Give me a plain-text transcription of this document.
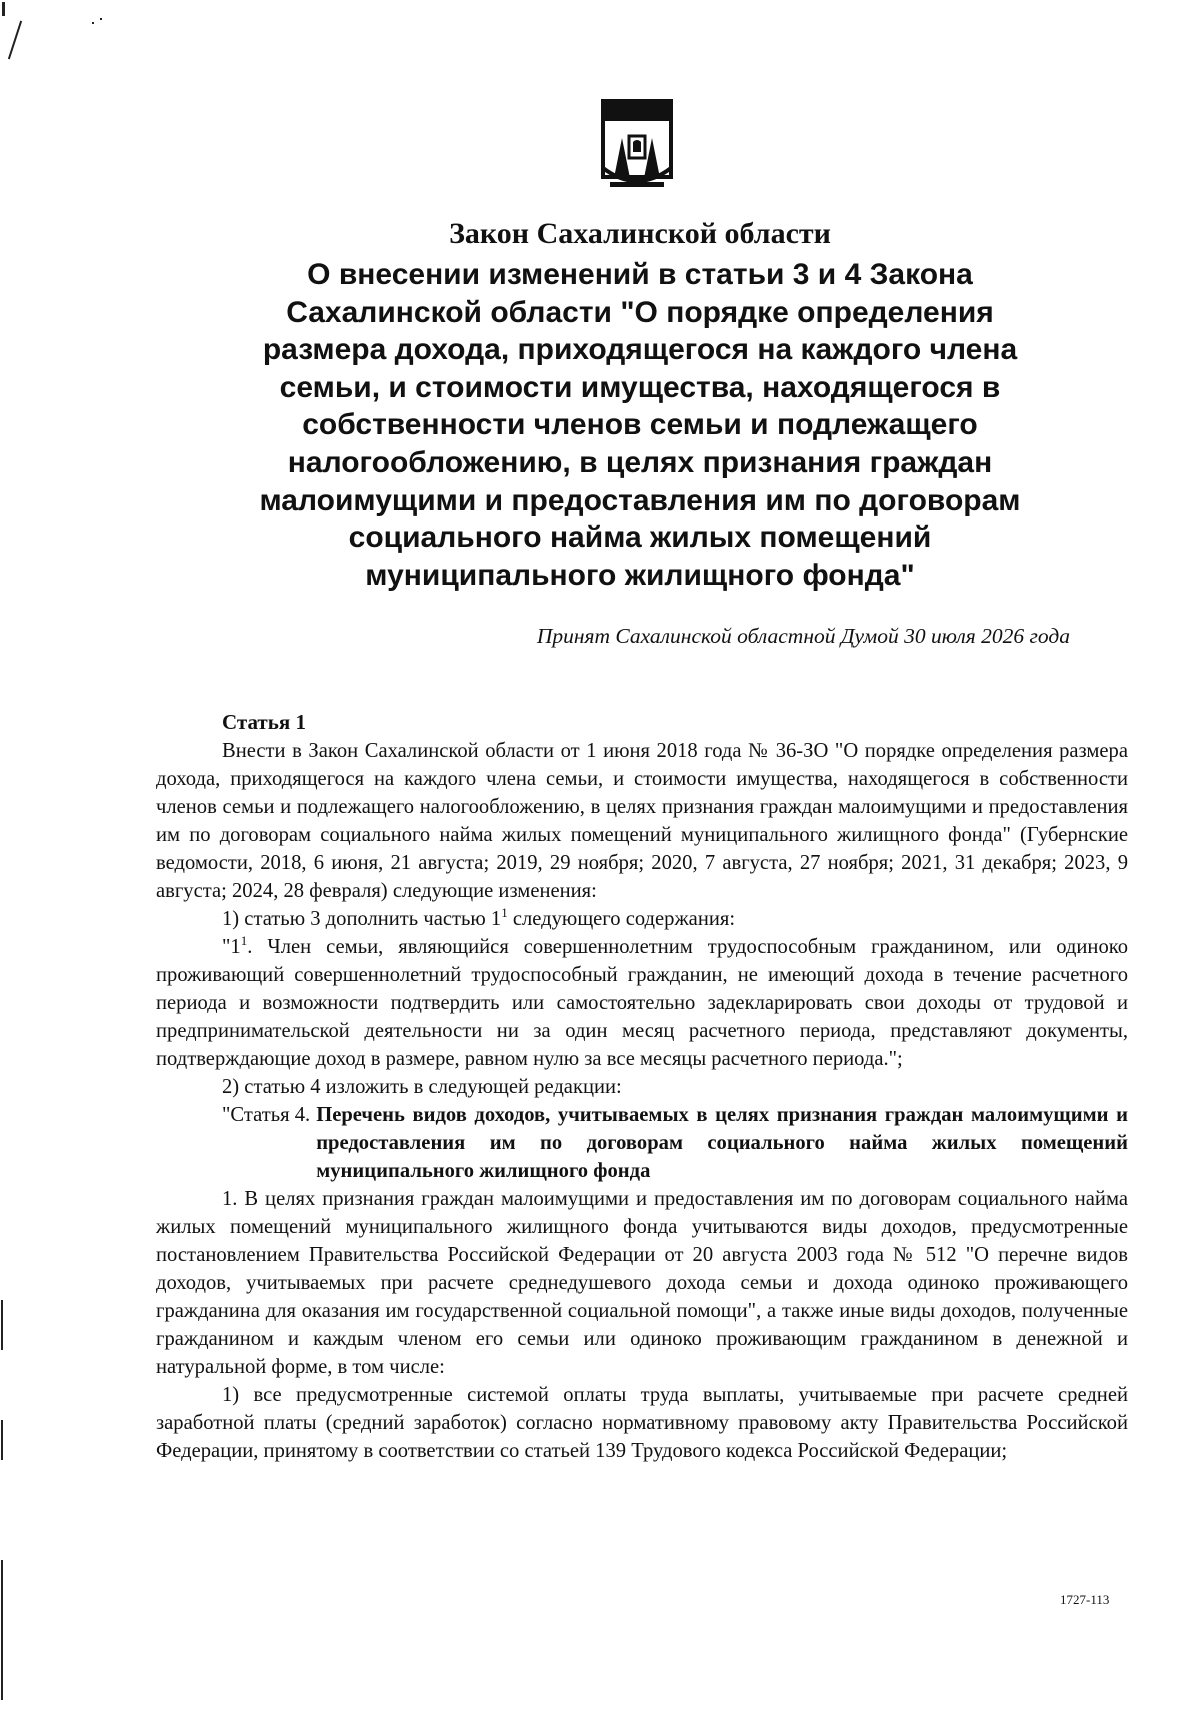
Закон Сахалинской области
О внесении изменений в статьи 3 и 4 Закона
Сахалинской области "О порядке определения
размера дохода, приходящегося на каждого члена
семьи, и стоимости имущества, находящегося в
собственности членов семьи и подлежащего
налогообложению, в целях признания граждан
малоимущими и предоставления им по договорам
социального найма жилых помещений
муниципального жилищного фонда"
Принят Сахалинской областной Думой 30 июля 2026 года
Статья 1

Внести в Закон Сахалинской области от 1 июня 2018 года № 36-ЗО "О порядке определения размера дохода, приходящегося на каждого члена семьи, и стоимости имущества, находящегося в собственности членов семьи и подлежащего налогообложению, в целях признания граждан малоимущими и предоставления им по договорам социального найма жилых помещений муниципального жилищного фонда" (Губернские ведомости, 2018, 6 июня, 21 августа; 2019, 29 ноября; 2020, 7 августа, 27 ноября; 2021, 31 декабря; 2023, 9 августа; 2024, 28 февраля) следующие изменения:

1) статью 3 дополнить частью $1^1$ следующего содержания:

"$1^1$. Член семьи, являющийся совершеннолетним трудоспособным гражданином, или одиноко проживающий совершеннолетний трудоспособный гражданин, не имеющий дохода в течение расчетного периода и возможности подтвердить или самостоятельно задекларировать свои доходы от трудовой и предпринимательской деятельности ни за один месяц расчетного периода, представляют документы, подтверждающие доход в размере, равном нулю за все месяцы расчетного периода.";

2) статью 4 изложить в следующей редакции:

"Статья 4. Перечень видов доходов, учитываемых в целях признания граждан малоимущими и предоставления им по договорам социального найма жилых помещений муниципального жилищного фонда

1. В целях признания граждан малоимущими и предоставления им по договорам социального найма жилых помещений муниципального жилищного фонда учитываются виды доходов, предусмотренные постановлением Правительства Российской Федерации от 20 августа 2003 года № 512 "О перечне видов доходов, учитываемых при расчете среднедушевого дохода семьи и дохода одиноко проживающего гражданина для оказания им государственной социальной помощи", а также иные виды доходов, полученные гражданином и каждым членом его семьи или одиноко проживающим гражданином в денежной и натуральной форме, в том числе:

1) все предусмотренные системой оплаты труда выплаты, учитываемые при расчете средней заработной платы (средний заработок) согласно нормативному правовому акту Правительства Российской Федерации, принятому в соответствии со статьей 139 Трудового кодекса Российской Федерации;

1727-113
